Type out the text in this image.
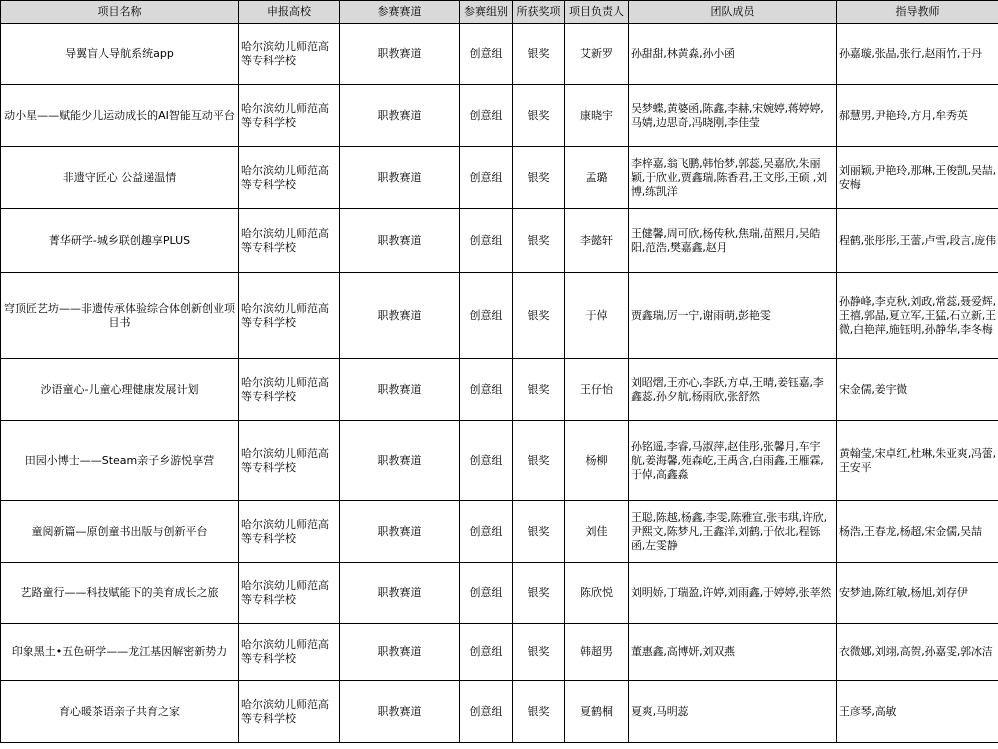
项目名称	申报高校	参赛赛道	参赛组别	所获奖项	项目负责人	团队成员	指导教师
导翼盲人导航系统app	哈尔滨幼儿师范高等专科学校	职教赛道	创意组	银奖	艾新罗	孙甜甜,林黄淼,孙小函	孙嘉璇,张晶,张行,赵雨竹,于丹
动小星——赋能少儿运动成长的AI智能互动平台	哈尔滨幼儿师范高等专科学校	职教赛道	创意组	银奖	康晓宇	吴梦蝶,黄婆函,陈鑫,李赫,宋婉婷,蒋婷婷,马婧,边思奇,冯晓刚,李佳莹	郝慧男,尹艳玲,方月,牟秀英
非遗守匠心 公益递温情	哈尔滨幼儿师范高等专科学校	职教赛道	创意组	银奖	孟璐	李梓嘉,翁飞鹏,韩怡梦,郭蕊,吴嘉欣,朱丽颖,于欣业,贾鑫瑞,陈香君,王文彤,王硕 ,刘博,练凯洋	刘丽颖,尹艳玲,那琳,王俊凯,吴喆,安梅
菁华研学-城乡联创趣享PLUS	哈尔滨幼儿师范高等专科学校	职教赛道	创意组	银奖	李懿轩	王健馨,周可欣,杨传秋,焦瑞,苗熙月,吴皓阳,范浩,樊嘉鑫,赵月	程鹤,张彤彤,王蕾,卢雪,段言,庞伟
穹顶匠艺坊——非遗传承体验综合体创新创业项目书	哈尔滨幼儿师范高等专科学校	职教赛道	创意组	银奖	于倬	贾鑫瑞,厉一宁,谢雨萌,彭艳雯	孙静峰,李克秋,刘政,常蕊,聂爱辉,王禧,郭晶,夏立军,王猛,石立新,王微,白艳萍,施钰明,孙静华,李冬梅
沙语童心-儿童心理健康发展计划	哈尔滨幼儿师范高等专科学校	职教赛道	创意组	银奖	王仔怡	刘昭熠,王亦心,李跃,方卓,王晴,姜钰嘉,李鑫蕊,孙夕航,杨雨欣,张舒然	宋金儒,姜宇微
田园小博士——Steam亲子乡游悦享营	哈尔滨幼儿师范高等专科学校	职教赛道	创意组	银奖	杨柳	孙铭遥,李睿,马淑萍,赵佳彤,张馨月,车宇航,姜海馨,苑森屹,王禹含,白雨鑫,王雁霖,于倬,高鑫淼	黄翰莹,宋卓红,杜琳,朱亚爽,冯蕾,王安平
童阅新篇—原创童书出版与创新平台	哈尔滨幼儿师范高等专科学校	职教赛道	创意组	银奖	刘佳	王聪,陈越,杨鑫,李雯,陈雅宣,张韦琪,许欣,尹熙文,陈梦凡,王鑫洋,刘鹤,于依北,程铄函,左雯静	杨浩,王春龙,杨超,宋金儒,吴喆
艺路童行——科技赋能下的美育成长之旅	哈尔滨幼儿师范高等专科学校	职教赛道	创意组	银奖	陈欣悦	刘明娇,丁瑞盈,许婷,刘雨鑫,于婷婷,张莘然	安梦迪,陈红敏,杨旭,刘存伊
印象黑土•五色研学——龙江基因解密新势力	哈尔滨幼儿师范高等专科学校	职教赛道	创意组	银奖	韩超男	董惠鑫,高博妍,刘双燕	衣微娜,刘翊,高贺,孙嘉雯,郭冰洁
育心暖茶语亲子共育之家	哈尔滨幼儿师范高等专科学校	职教赛道	创意组	银奖	夏鹤桐	夏爽,马明蕊	王彦琴,高敏
